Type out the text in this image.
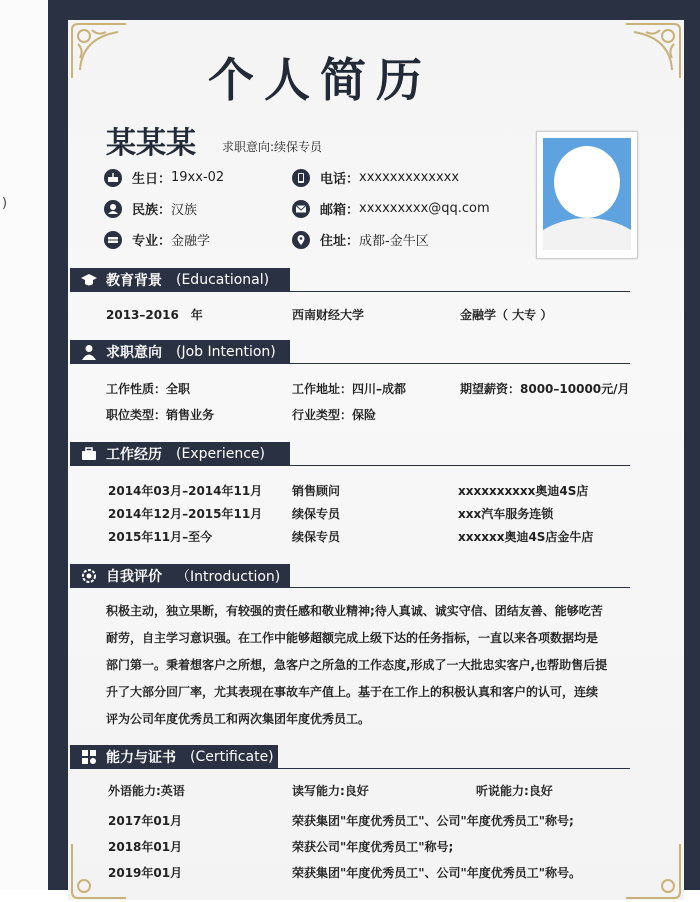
)
个人简历
某某某 求职意向:续保专员
生日： 19xx-02	电话： xxxxxxxxxxxxx
民族： 汉族	邮箱： xxxxxxxxx@qq.com
专业： 金融学	住址： 成都-金牛区
教育背景 (Educational)
2013–2016　年	西南财经大学	金融学（ 大专 ）
求职意向 (Job Intention)
工作性质：全职	工作地址：四川–成都	期望薪资：8000–10000元/月
职位类型：销售业务	行业类型：保险
工作经历 (Experience)
2014年03月–2014年11月 销售顾问	xxxxxxxxxx奥迪4S店
2014年12月–2015年11月 续保专员	xxx汽车服务连锁
2015年11月–至今	续保专员	xxxxxx奥迪4S店金牛店
自我评价 （Introduction)
积极主动，独立果断，有较强的责任感和敬业精神;待人真诚、诚实守信、团结友善、能够吃苦
耐劳，自主学习意识强。在工作中能够超额完成上级下达的任务指标，一直以来各项数据均是
部门第一。秉着想客户之所想，急客户之所急的工作态度,形成了一大批忠实客户,也帮助售后提
升了大部分回厂率，尤其表现在事故车产值上。基于在工作上的积极认真和客户的认可，连续
评为公司年度优秀员工和两次集团年度优秀员工。
能力与证书 (Certificate)
外语能力:英语	读写能力:良好	听说能力:良好
2017年01月	荣获集团"年度优秀员工"、公司"年度优秀员工"称号;
2018年01月	荣获公司"年度优秀员工"称号;
2019年01月	荣获集团"年度优秀员工"、公司"年度优秀员工"称号。
